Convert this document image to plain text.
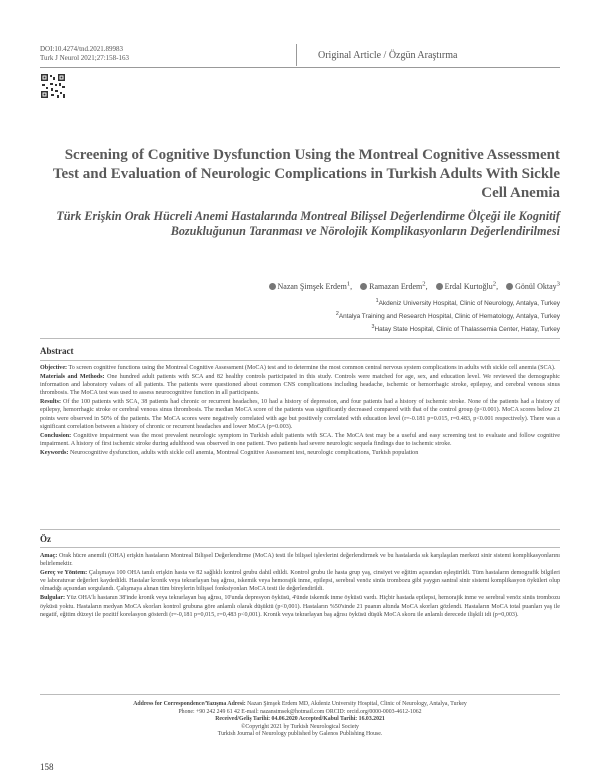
DOI:10.4274/tnd.2021.89983
Turk J Neurol 2021;27:158-163	Original Article / Özgün Araştırma
Screening of Cognitive Dysfunction Using the Montreal Cognitive Assessment Test and Evaluation of Neurologic Complications in Turkish Adults With Sickle Cell Anemia
Türk Erişkin Orak Hücreli Anemi Hastalarında Montreal Bilişsel Değerlendirme Ölçeği ile Kognitif Bozukluğunun Taranması ve Nörolojik Komplikasyonların Değerlendirilmesi
Nazan Şimşek Erdem$^1$, Ramazan Erdem$^2$, Erdal Kurtoğlu$^2$, Gönül Oktay$^3$
$^1$Akdeniz University Hospital, Clinic of Neurology, Antalya, Turkey
$^2$Antalya Training and Research Hospital, Clinic of Hematology, Antalya, Turkey
$^3$Hatay State Hospital, Clinic of Thalassemia Center, Hatay, Turkey
Abstract

Objective: To screen cognitive functions using the Montreal Cognitive Assessment (MoCA) test and to determine the most common central nervous system complications in adults with sickle cell anemia (SCA).

Materials and Methods: One hundred adult patients with SCA and 82 healthy controls participated in this study. Controls were matched for age, sex, and education level. We reviewed the demographic information and laboratory values of all patients. The patients were questioned about common CNS complications including headache, ischemic or hemorrhagic stroke, epilepsy, and cerebral venous sinus thrombosis. The MoCA test was used to assess neurocognitive function in all participants.

Results: Of the 100 patients with SCA, 38 patients had chronic or recurrent headaches, 10 had a history of depression, and four patients had a history of ischemic stroke. None of the patients had a history of epilepsy, hemorrhagic stroke or cerebral venous sinus thrombosis. The median MoCA score of the patients was significantly decreased compared with that of the control group (p<0.001). MoCA scores below 21 points were observed in 50% of the patients. The MoCA scores were negatively correlated with age but positively correlated with education level (r=-0.181 p=0.015, r=0.483, p<0.001 respectively). There was a significant correlation between a history of chronic or recurrent headaches and lower MoCA (p=0.003).

Conclusion: Cognitive impairment was the most prevalent neurologic symptom in Turkish adult patients with SCA. The MoCA test may be a useful and easy screening test to evaluate and follow cognitive impairment. A history of first ischemic stroke during adulthood was observed in one patient. Two patients had severe neurologic sequela findings due to ischemic stroke.

Keywords: Neurocognitive dysfunction, adults with sickle cell anemia, Montreal Cognitive Assessment test, neurologic complications, Turkish population

Öz

Amaç: Orak hücre anemili (OHA) erişkin hastaların Montreal Bilişsel Değerlendirme (MoCA) testi ile bilişsel işlevlerini değerlendirmek ve bu hastalarda sık karşılaşılan merkezi sinir sistemi komplikasyonlarını belirlemektir.

Gereç ve Yöntem: Çalışmaya 100 OHA tanılı erişkin hasta ve 82 sağlıklı kontrol grubu dahil edildi. Kontrol grubu ile hasta grup yaş, cinsiyet ve eğitim açısından eşleştirildi. Tüm hastaların demografik bilgileri ve laboratuvar değerleri kaydedildi. Hastalar kronik veya tekrarlayan baş ağrısı, iskemik veya hemorajik inme, epilepsi, serebral venöz sinüs trombozu gibi yaygın santral sinir sistemi komplikasyon öyküleri olup olmadığı açısından sorgulandı. Çalışmaya alınan tüm bireylerin bilişsel fonksiyonları MoCA testi ile değerlendirildi.

Bulgular: Yüz OHA'lı hastanın 38'inde kronik veya tekrarlayan baş ağrısı, 10'unda depresyon öyküsü, 4'ünde iskemik inme öyküsü vardı. Hiçbir hastada epilepsi, hemorajik inme ve serebral venöz sinüs trombozu öyküsü yoktu. Hastaların medyan MoCA skorları kontrol grubuna göre anlamlı olarak düşüktü (p<0,001). Hastaların %50'sinde 21 puanın altında MoCA skorları gözlendi. Hastaların MoCA total puanları yaş ile negatif, eğitim düzeyi ile pozitif korelasyon gösterdi (r=-0,181 p=0,015, r=0,483 p<0,001). Kronik veya tekrarlayan baş ağrısı öyküsü düşük MoCA skoru ile anlamlı derecede ilişkili idi (p=0,003).

Address for Correspondence/Yazışma Adresi: Nazan Şimşek Erdem MD, Akdeniz University Hospital, Clinic of Neurology, Antalya, Turkey
Phone: +90 242 249 61 42 E-mail: nazansimsek@hotmail.com ORCID: orcid.org/0000-0003-4612-1062
Received/Geliş Tarihi: 04.06.2020 Accepted/Kabul Tarihi: 16.03.2021
©Copyright 2021 by Turkish Neurological Society
Turkish Journal of Neurology published by Galenos Publishing House.
158
